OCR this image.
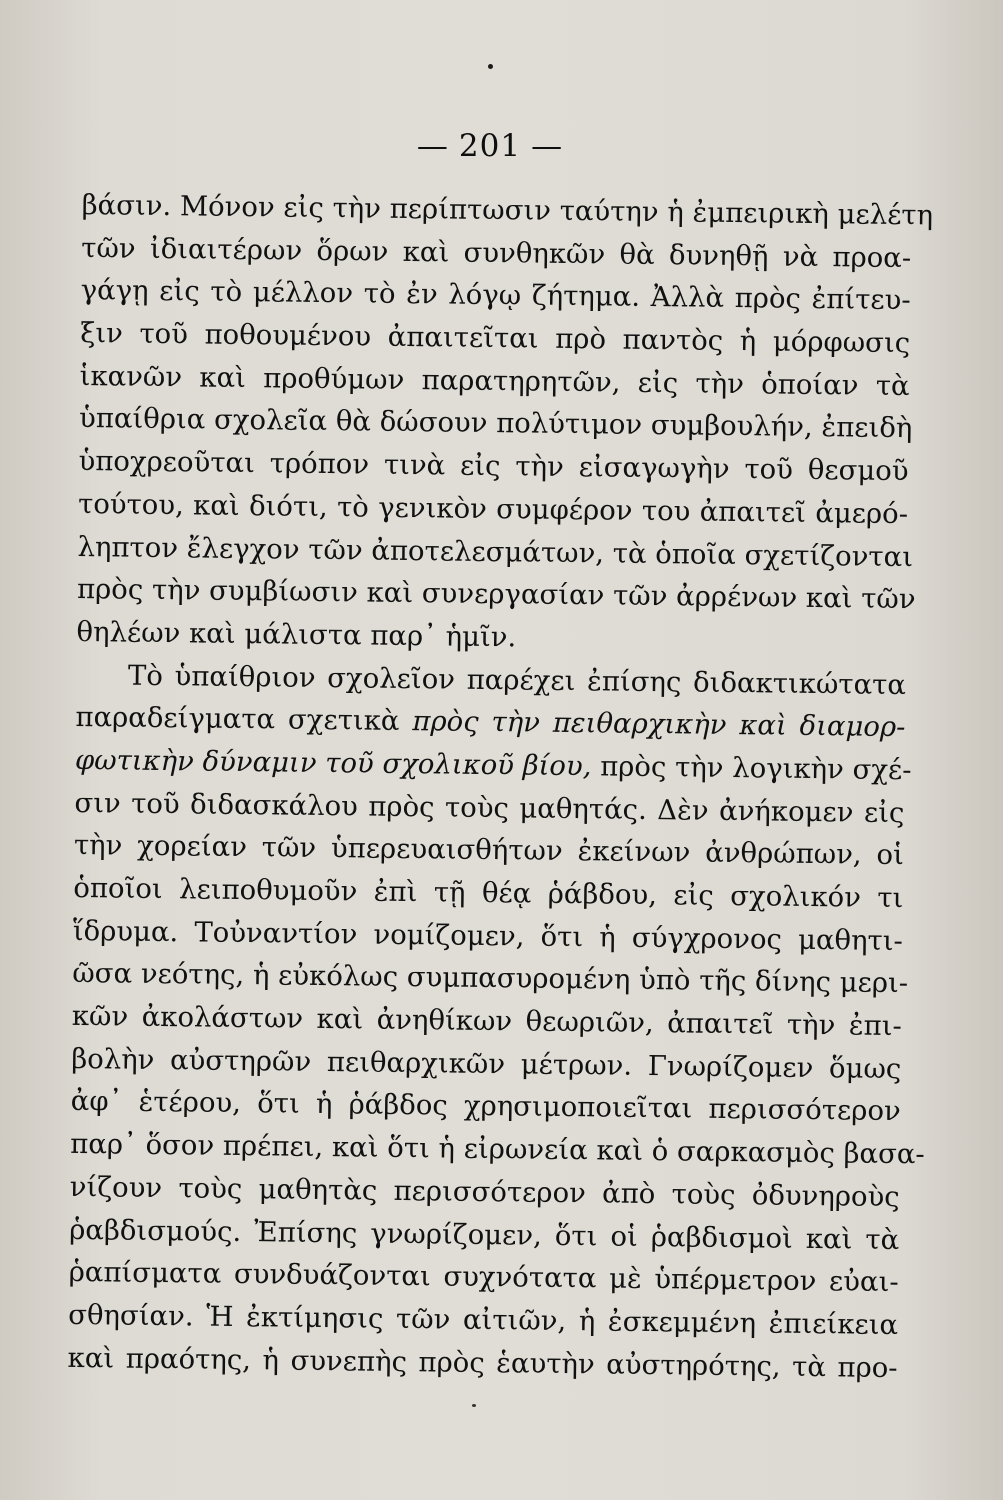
— 201 —
βάσιν. Μόνον εἰς τὴν περίπτωσιν ταύτην ἡ ἐμπειρικὴ μελέτη
τῶν ἰδιαιτέρων ὅρων καὶ συνθηκῶν θὰ δυνηθῇ νὰ προα-
γάγῃ εἰς τὸ μέλλον τὸ ἐν λόγῳ ζήτημα. Ἀλλὰ πρὸς ἐπίτευ-
ξιν τοῦ ποθουμένου ἀπαιτεῖται πρὸ παντὸς ἡ μόρφωσις
ἱκανῶν καὶ προθύμων παρατηρητῶν, εἰς τὴν ὁποίαν τὰ
ὑπαίθρια σχολεῖα θὰ δώσουν πολύτιμον συμβουλήν, ἐπειδὴ
ὑποχρεοῦται τρόπον τινὰ εἰς τὴν εἰσαγωγὴν τοῦ θεσμοῦ
τούτου, καὶ διότι, τὸ γενικὸν συμφέρον του ἀπαιτεῖ ἀμερό-
ληπτον ἔλεγχον τῶν ἀποτελεσμάτων, τὰ ὁποῖα σχετίζονται
πρὸς τὴν συμβίωσιν καὶ συνεργασίαν τῶν ἀρρένων καὶ τῶν
θηλέων καὶ μάλιστα παρ᾽ ἡμῖν.
Τὸ ὑπαίθριον σχολεῖον παρέχει ἐπίσης διδακτικώτατα
παραδείγματα σχετικὰ πρὸς τὴν πειθαρχικὴν καὶ διαμορ-
φωτικὴν δύναμιν τοῦ σχολικοῦ βίου, πρὸς τὴν λογικὴν σχέ-
σιν τοῦ διδασκάλου πρὸς τοὺς μαθητάς. Δὲν ἀνήκομεν εἰς
τὴν χορείαν τῶν ὑπερευαισθήτων ἐκείνων ἀνθρώπων, οἱ
ὁποῖοι λειποθυμοῦν ἐπὶ τῇ θέᾳ ῥάβδου, εἰς σχολικόν τι
ἵδρυμα. Τοὐναντίον νομίζομεν, ὅτι ἡ σύγχρονος μαθητι-
ῶσα νεότης, ἡ εὐκόλως συμπασυρομένη ὑπὸ τῆς δίνης μερι-
κῶν ἀκολάστων καὶ ἀνηθίκων θεωριῶν, ἀπαιτεῖ τὴν ἐπι-
βολὴν αὐστηρῶν πειθαρχικῶν μέτρων. Γνωρίζομεν ὅμως
ἀφ᾽ ἑτέρου, ὅτι ἡ ῥάβδος χρησιμοποιεῖται περισσότερον
παρ᾽ ὅσον πρέπει, καὶ ὅτι ἡ εἰρωνεία καὶ ὁ σαρκασμὸς βασα-
νίζουν τοὺς μαθητὰς περισσότερον ἀπὸ τοὺς ὀδυνηροὺς
ῥαβδισμούς. Ἐπίσης γνωρίζομεν, ὅτι οἱ ῥαβδισμοὶ καὶ τὰ
ῥαπίσματα συνδυάζονται συχνότατα μὲ ὑπέρμετρον εὐαι-
σθησίαν. Ἡ ἐκτίμησις τῶν αἰτιῶν, ἡ ἐσκεμμένη ἐπιείκεια
καὶ πραότης, ἡ συνεπὴς πρὸς ἑαυτὴν αὐστηρότης, τὰ προ-
